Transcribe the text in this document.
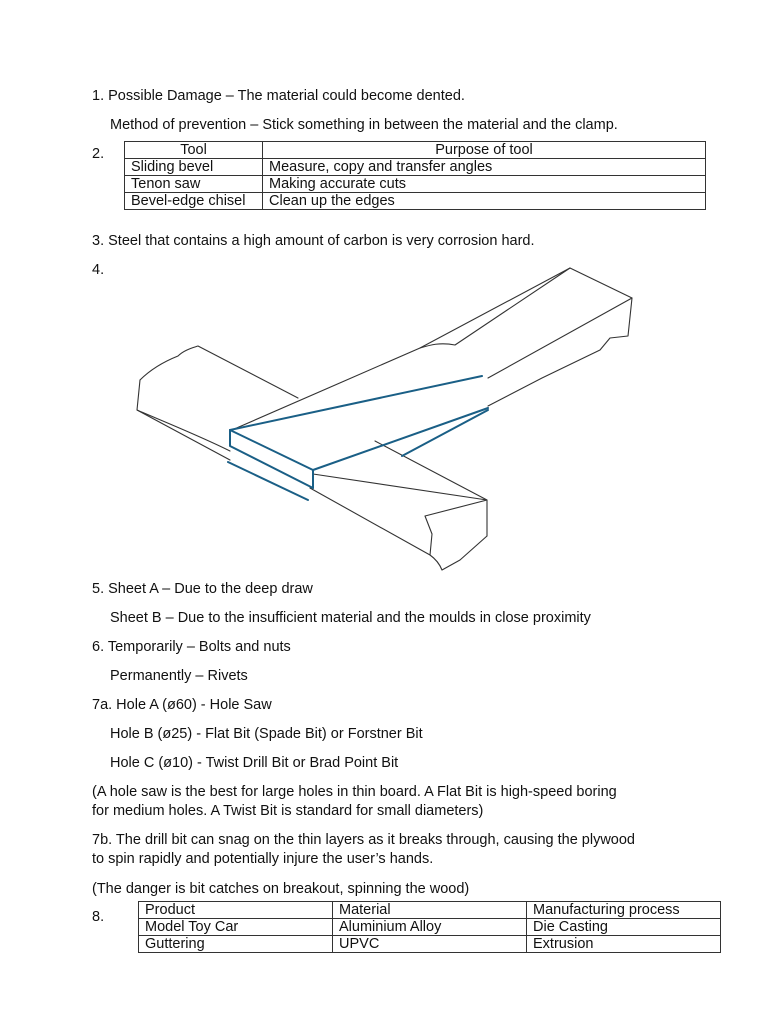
1. Possible Damage – The material could become dented.
Method of prevention – Stick something in between the material and the clamp.
2.	Tool	Purpose of tool
Sliding bevel	Measure, copy and transfer angles
Tenon saw	Making accurate cuts
Bevel-edge chisel	Clean up the edges
3. Steel that contains a high amount of carbon is very corrosion hard.
4.
5. Sheet A – Due to the deep draw
Sheet B – Due to the insufficient material and the moulds in close proximity
6. Temporarily – Bolts and nuts
Permanently – Rivets
7a. Hole A (ø60) - Hole Saw
Hole B (ø25) - Flat Bit (Spade Bit) or Forstner Bit
Hole C (ø10) - Twist Drill Bit or Brad Point Bit
(A hole saw is the best for large holes in thin board. A Flat Bit is high-speed boring
for medium holes. A Twist Bit is standard for small diameters)
7b. The drill bit can snag on the thin layers as it breaks through, causing the plywood
to spin rapidly and potentially injure the user’s hands.
(The danger is bit catches on breakout, spinning the wood)
8.	Product	Material	Manufacturing process
Model Toy Car	Aluminium Alloy	Die Casting
Guttering	UPVC	Extrusion
